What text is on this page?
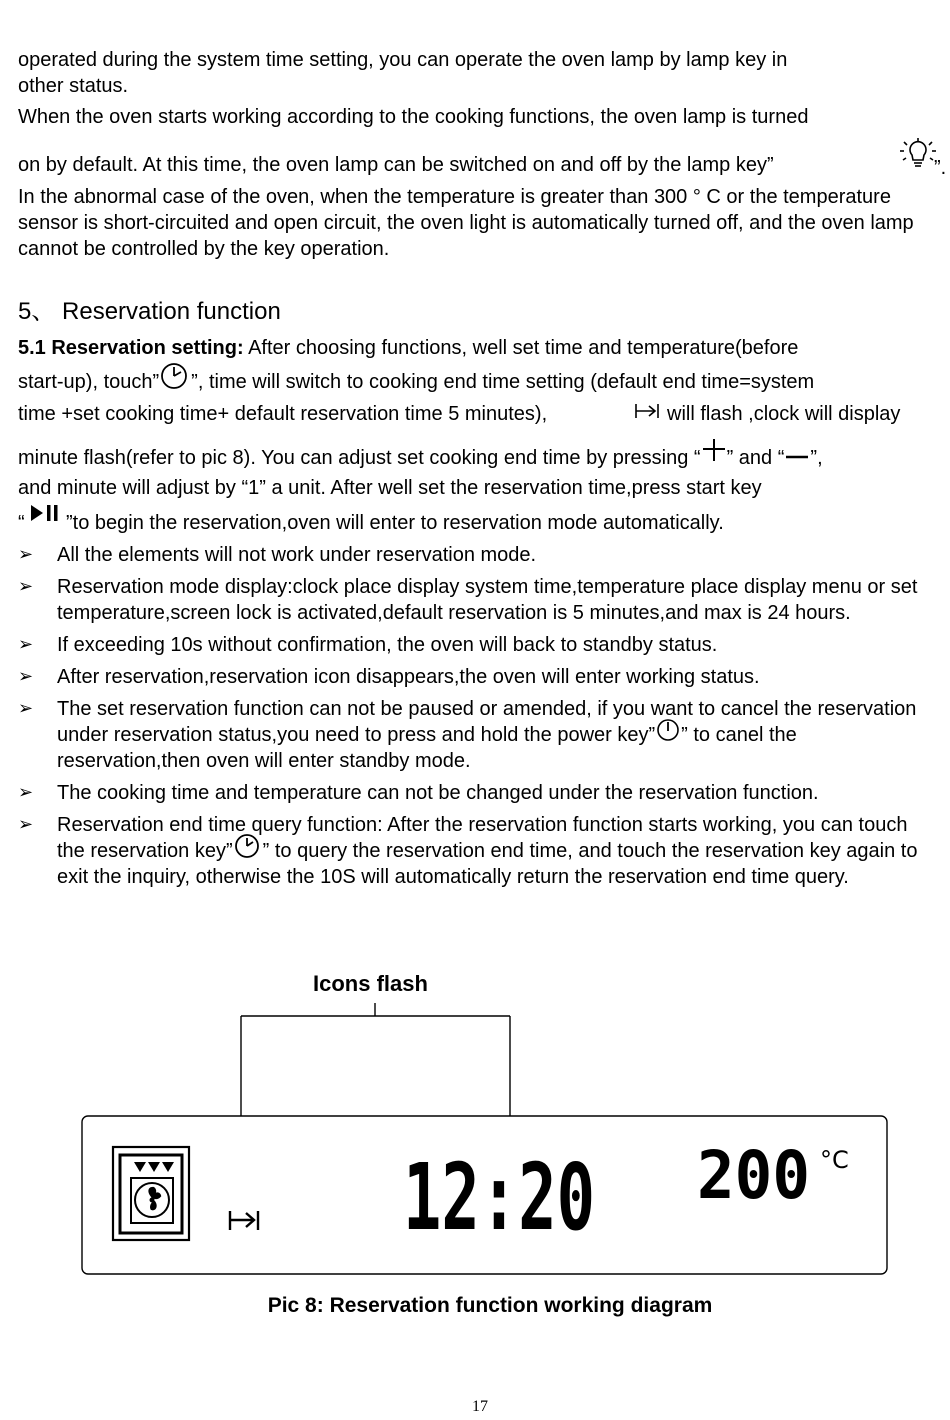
operated during the system time setting, you can operate the oven lamp by lamp key in
other status.
When the oven starts working according to the cooking functions, the oven lamp is turned
on by default. At this time, the oven lamp can be switched on and off by the lamp key”	”.

In the abnormal case of the oven, when the temperature is greater than 300 ° C or the temperature sensor is short-circuited and open circuit, the oven light is automatically turned off, and the oven lamp cannot be controlled by the key operation.

5、 Reservation function
5.1 Reservation setting: After choosing functions, well set time and temperature(before
start-up), touch” ”, time will switch to cooking end time setting (default end time=system
time +set cooking time+ default reservation time 5 minutes),	will flash ,clock will display
minute flash(refer to pic 8). You can adjust set cooking end time by pressing “ ” and “ ”,
and minute will adjust by “1” a unit. After well set the reservation time,press start key
“ ”to begin the reservation,oven will enter to reservation mode automatically.
➢ All the elements will not work under reservation mode.
➢ Reservation mode display:clock place display system time,temperature place display menu or set temperature,screen lock is activated,default reservation is 5 minutes,and max is 24 hours.
➢ If exceeding 10s without confirmation, the oven will back to standby status.
➢ After reservation,reservation icon disappears,the oven will enter working status.
➢ The set reservation function can not be paused or amended, if you want to cancel the reservation under reservation status,you need to press and hold the power key” ” to canel the reservation,then oven will enter standby mode.
➢ The cooking time and temperature can not be changed under the reservation function.
➢ Reservation end time query function: After the reservation function starts working, you can touch the reservation key” ” to query the reservation end time, and touch the reservation key again to exit the inquiry, otherwise the 10S will automatically return the reservation end time query.
Icons flash
12:20 200 °C
Pic 8: Reservation function working diagram
17
